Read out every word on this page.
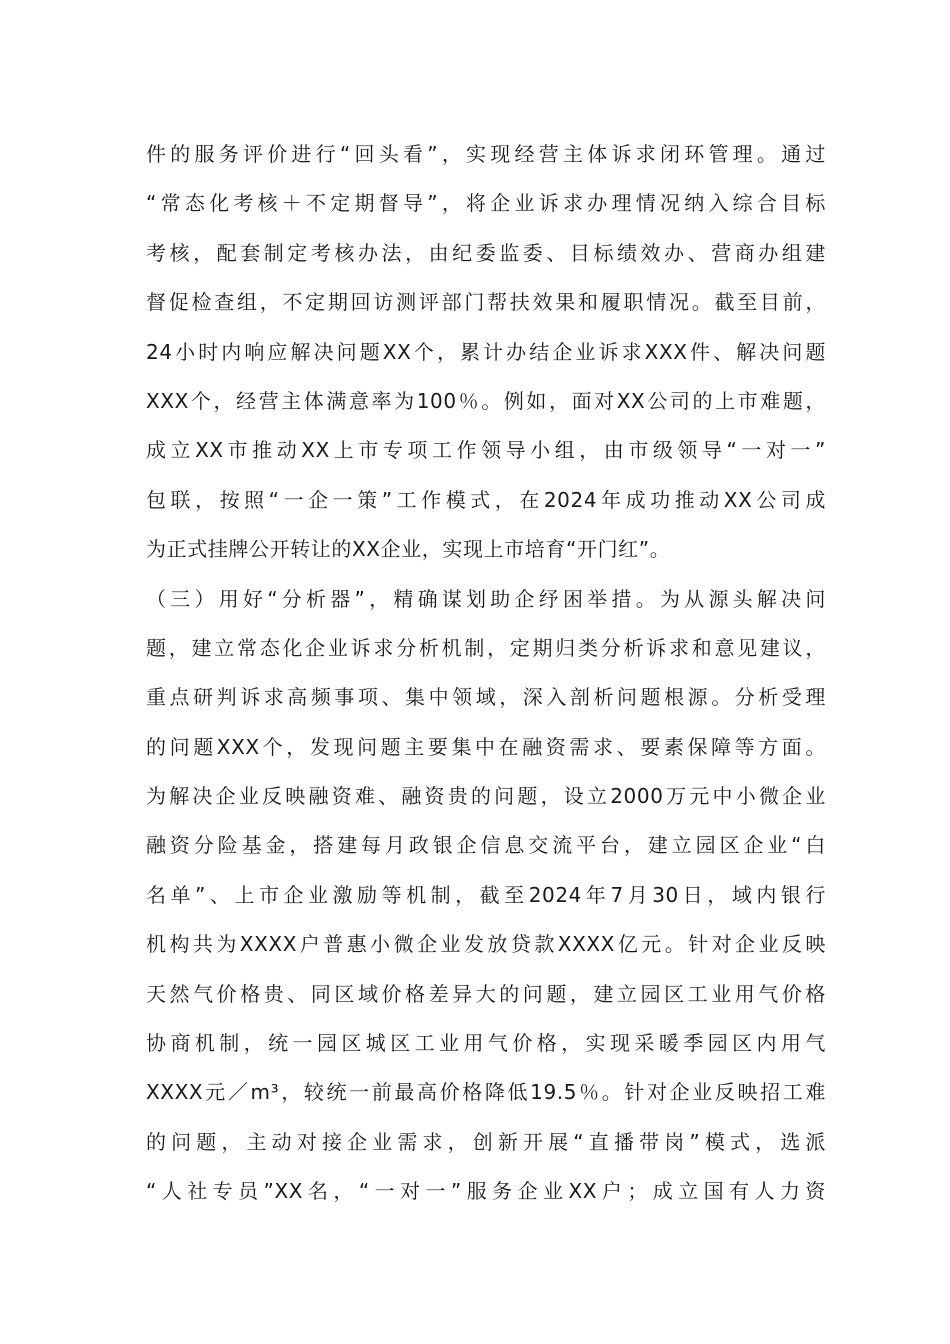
件的服务评价进行“回头看”，实现经营主体诉求闭环管理。通过
“常态化考核＋不定期督导”，将企业诉求办理情况纳入综合目标
考核，配套制定考核办法，由纪委监委、目标绩效办、营商办组建
督促检查组，不定期回访测评部门帮扶效果和履职情况。截至目前，
24小时内响应解决问题XX个，累计办结企业诉求XXX件、解决问题
XXX个，经营主体满意率为100％。例如，面对XX公司的上市难题，
成立XX市推动XX上市专项工作领导小组，由市级领导“一对一”
包联，按照“一企一策”工作模式，在2024年成功推动XX公司成
为正式挂牌公开转让的XX企业，实现上市培育“开门红”。
（三）用好“分析器”，精确谋划助企纾困举措。为从源头解决问
题，建立常态化企业诉求分析机制，定期归类分析诉求和意见建议，
重点研判诉求高频事项、集中领域，深入剖析问题根源。分析受理
的问题XXX个，发现问题主要集中在融资需求、要素保障等方面。
为解决企业反映融资难、融资贵的问题，设立2000万元中小微企业
融资分险基金，搭建每月政银企信息交流平台，建立园区企业“白
名单”、上市企业激励等机制，截至2024年7月30日，域内银行
机构共为XXXX户普惠小微企业发放贷款XXXX亿元。针对企业反映
天然气价格贵、同区域价格差异大的问题，建立园区工业用气价格
协商机制，统一园区城区工业用气价格，实现采暖季园区内用气
XXXX元／m³，较统一前最高价格降低19.5％。针对企业反映招工难
的问题，主动对接企业需求，创新开展“直播带岗”模式，选派
“人社专员”XX名，“一对一”服务企业XX户；成立国有人力资
